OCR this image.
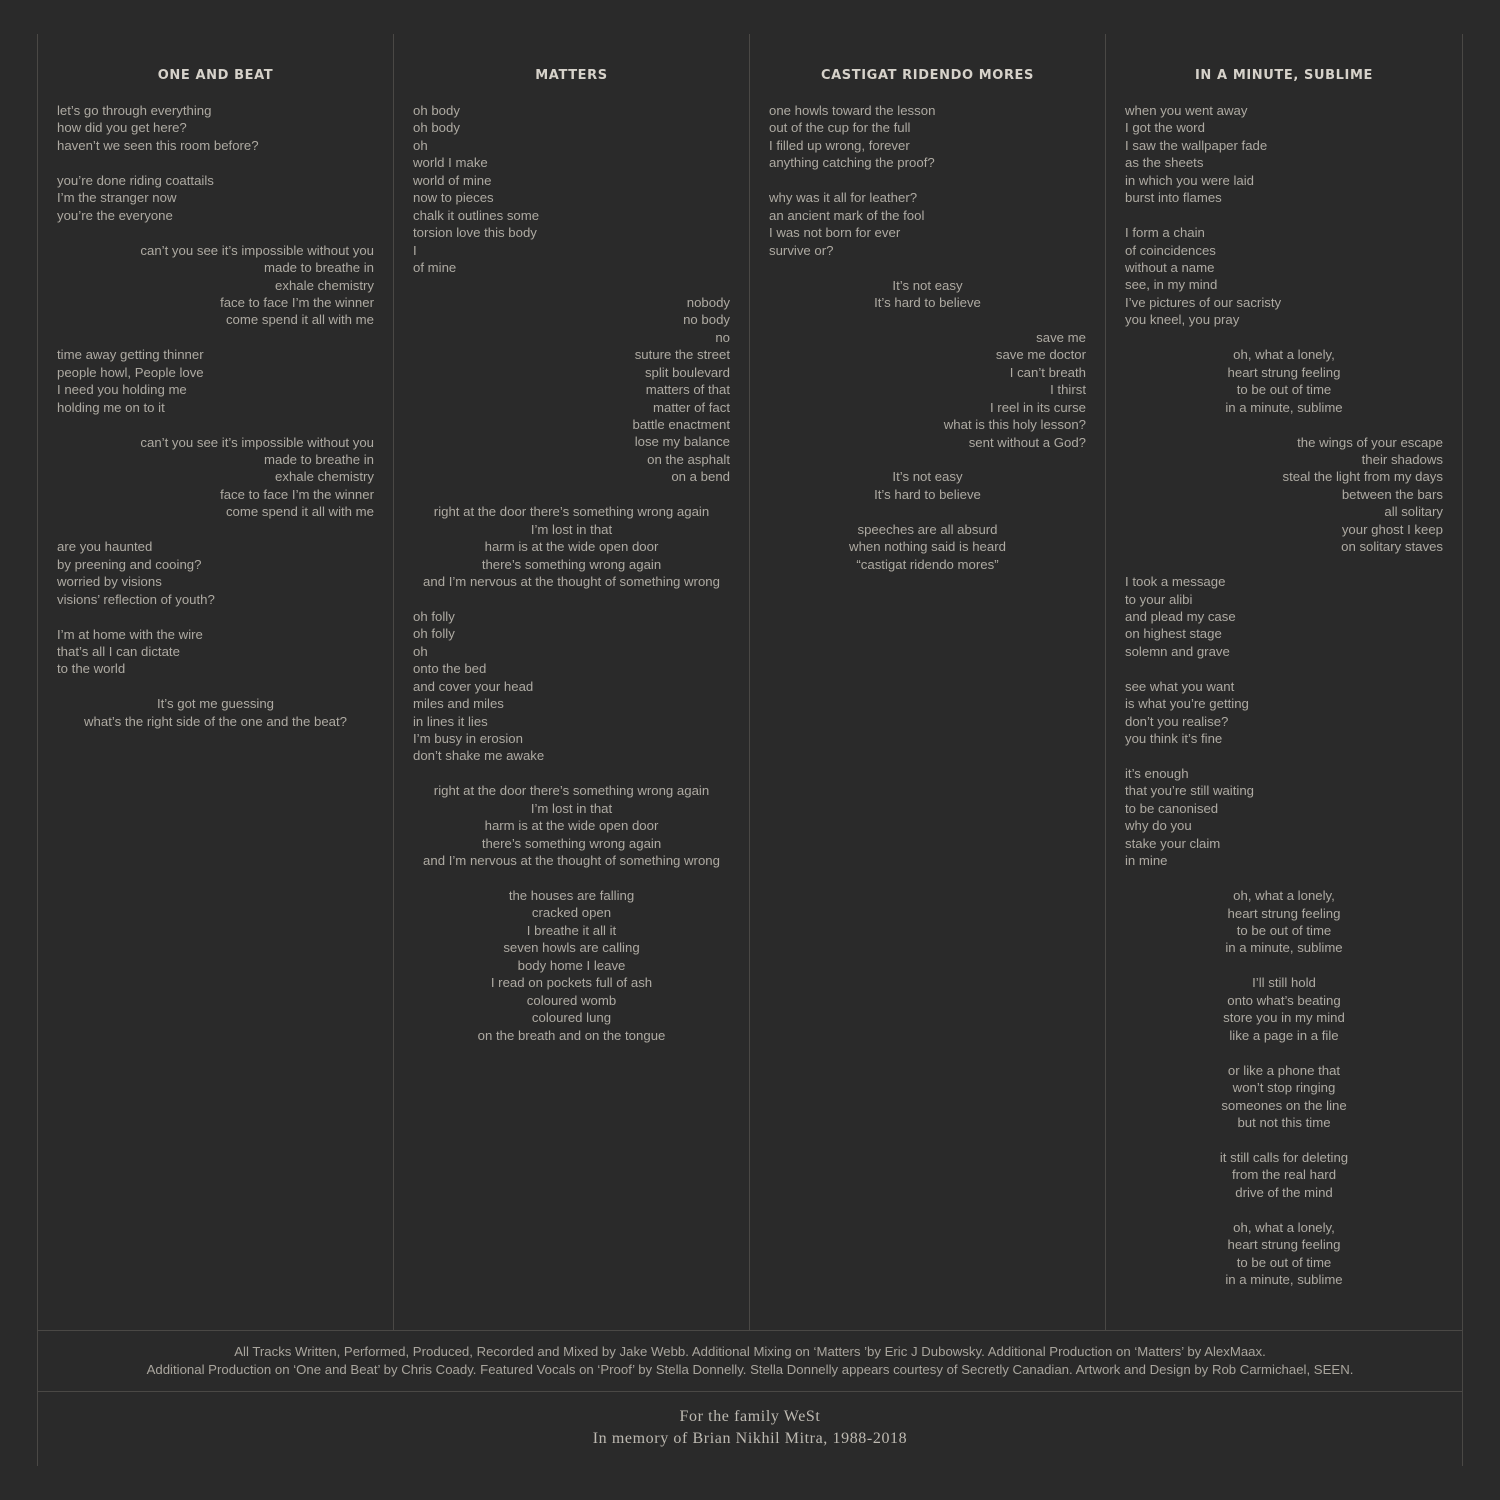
ONE AND BEAT
let’s go through everything
how did you get here?
haven’t we seen this room before?
you’re done riding coattails
I’m the stranger now
you’re the everyone
can’t you see it’s impossible without you
made to breathe in
exhale chemistry
face to face I’m the winner
come spend it all with me
time away getting thinner
people howl, People love
I need you holding me
holding me on to it
can’t you see it’s impossible without you
made to breathe in
exhale chemistry
face to face I’m the winner
come spend it all with me
are you haunted
by preening and cooing?
worried by visions
visions’ reflection of youth?
I’m at home with the wire
that’s all I can dictate
to the world
It’s got me guessing
what’s the right side of the one and the beat?
MATTERS
oh body
oh body
oh
world I make
world of mine
now to pieces
chalk it outlines some
torsion love this body
I
of mine
nobody
no body
no
suture the street
split boulevard
matters of that
matter of fact
battle enactment
lose my balance
on the asphalt
on a bend
right at the door there’s something wrong again
I’m lost in that
harm is at the wide open door
there’s something wrong again
and I’m nervous at the thought of something wrong
oh folly
oh folly
oh
onto the bed
and cover your head
miles and miles
in lines it lies
I’m busy in erosion
don’t shake me awake
right at the door there’s something wrong again
I’m lost in that
harm is at the wide open door
there’s something wrong again
and I’m nervous at the thought of something wrong
the houses are falling
cracked open
I breathe it all it
seven howls are calling
body home I leave
I read on pockets full of ash
coloured womb
coloured lung
on the breath and on the tongue
CASTIGAT RIDENDO MORES
one howls toward the lesson
out of the cup for the full
I filled up wrong, forever
anything catching the proof?
why was it all for leather?
an ancient mark of the fool
I was not born for ever
survive or?
It’s not easy
It’s hard to believe
save me
save me doctor
I can’t breath
I thirst
I reel in its curse
what is this holy lesson?
sent without a God?
It’s not easy
It’s hard to believe
speeches are all absurd
when nothing said is heard
“castigat ridendo mores”
IN A MINUTE, SUBLIME
when you went away
I got the word
I saw the wallpaper fade
as the sheets
in which you were laid
burst into flames
I form a chain
of coincidences
without a name
see, in my mind
I’ve pictures of our sacristy
you kneel, you pray
oh, what a lonely,
heart strung feeling
to be out of time
in a minute, sublime
the wings of your escape
their shadows
steal the light from my days
between the bars
all solitary
your ghost I keep
on solitary staves
I took a message
to your alibi
and plead my case
on highest stage
solemn and grave
see what you want
is what you’re getting
don’t you realise?
you think it’s fine
it’s enough
that you’re still waiting
to be canonised
why do you
stake your claim
in mine
oh, what a lonely,
heart strung feeling
to be out of time
in a minute, sublime
I’ll still hold
onto what’s beating
store you in my mind
like a page in a file
or like a phone that
won’t stop ringing
someones on the line
but not this time
it still calls for deleting
from the real hard
drive of the mind
oh, what a lonely,
heart strung feeling
to be out of time
in a minute, sublime
All Tracks Written, Performed, Produced, Recorded and Mixed by Jake Webb. Additional Mixing on ‘Matters ’by Eric J Dubowsky. Additional Production on ‘Matters’ by AlexMaax.
Additional Production on ‘One and Beat’ by Chris Coady. Featured Vocals on ‘Proof’ by Stella Donnelly. Stella Donnelly appears courtesy of Secretly Canadian. Artwork and Design by Rob Carmichael, SEEN.
For the family WeSt
In memory of Brian Nikhil Mitra, 1988-2018
